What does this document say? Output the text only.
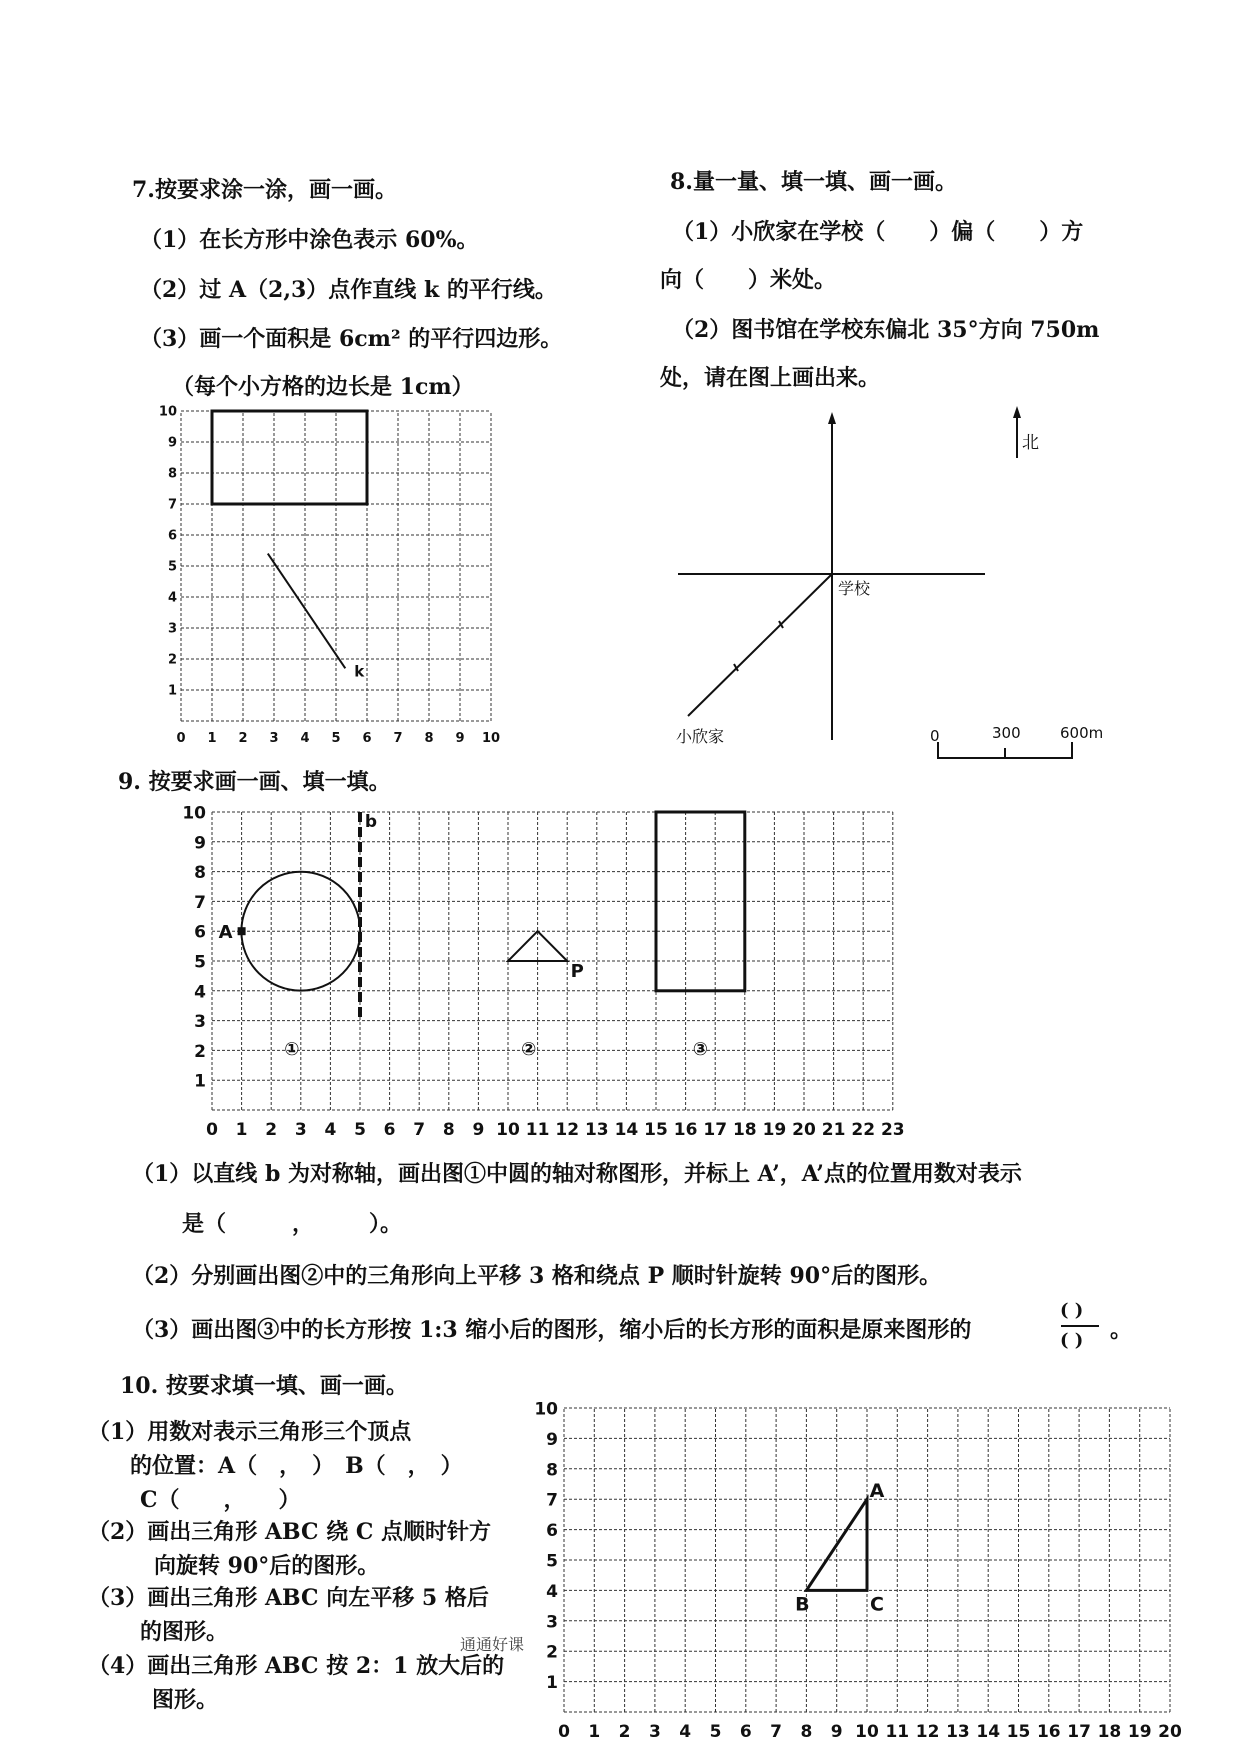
7.按要求涂一涂，画一画。
（1）在长方形中涂色表示 60%。
（2）过 A（2,3）点作直线 k 的平行线。
（3）画一个面积是 6cm² 的平行四边形。
（每个小方格的边长是 1cm）
0 1 2 3 4 5 6 7 8 9 10
1
2
3
4
5
6
7
8
9
10
k
8.量一量、填一填、画一画。
（1）小欣家在学校（　　）偏（　　）方
向（　　）米处。
（2）图书馆在学校东偏北 35°方向 750m
处，请在图上画出来。
北
学校
小欣家	0	300	600m
9. 按要求画一画、填一填。
0 1 2 3 4 5 6 7 8 9 10 11 12 13 14 15 16 17 18 19 20 21 22 23
1
2
3
4
5
6
7
8
9
10
A
b
P
①	②	③
（1）以直线 b 为对称轴，画出图①中圆的轴对称图形，并标上 A’，A’点的位置用数对表示
是（　　　，　　　）。
（2）分别画出图②中的三角形向上平移 3 格和绕点 P 顺时针旋转 90°后的图形。
（3）画出图③中的长方形按 1:3 缩小后的图形，缩小后的长方形的面积是原来图形的
( )
( ) 。
10. 按要求填一填、画一画。
（1）用数对表示三角形三个顶点
的位置：A（　，　）　B（　，　）
C（　　，　　）
（2）画出三角形 ABC 绕 C 点顺时针方
向旋转 90°后的图形。
（3）画出三角形 ABC 向左平移 5 格后
的图形。
（4）画出三角形 ABC 按 2：1 放大后的
图形。
通通好课
0 1 2 3 4 5 6 7 8 9 10 11 12 13 14 15 16 17 18 19 20
1
2
3
4
5
6
7
8
9
10
A
B	C
